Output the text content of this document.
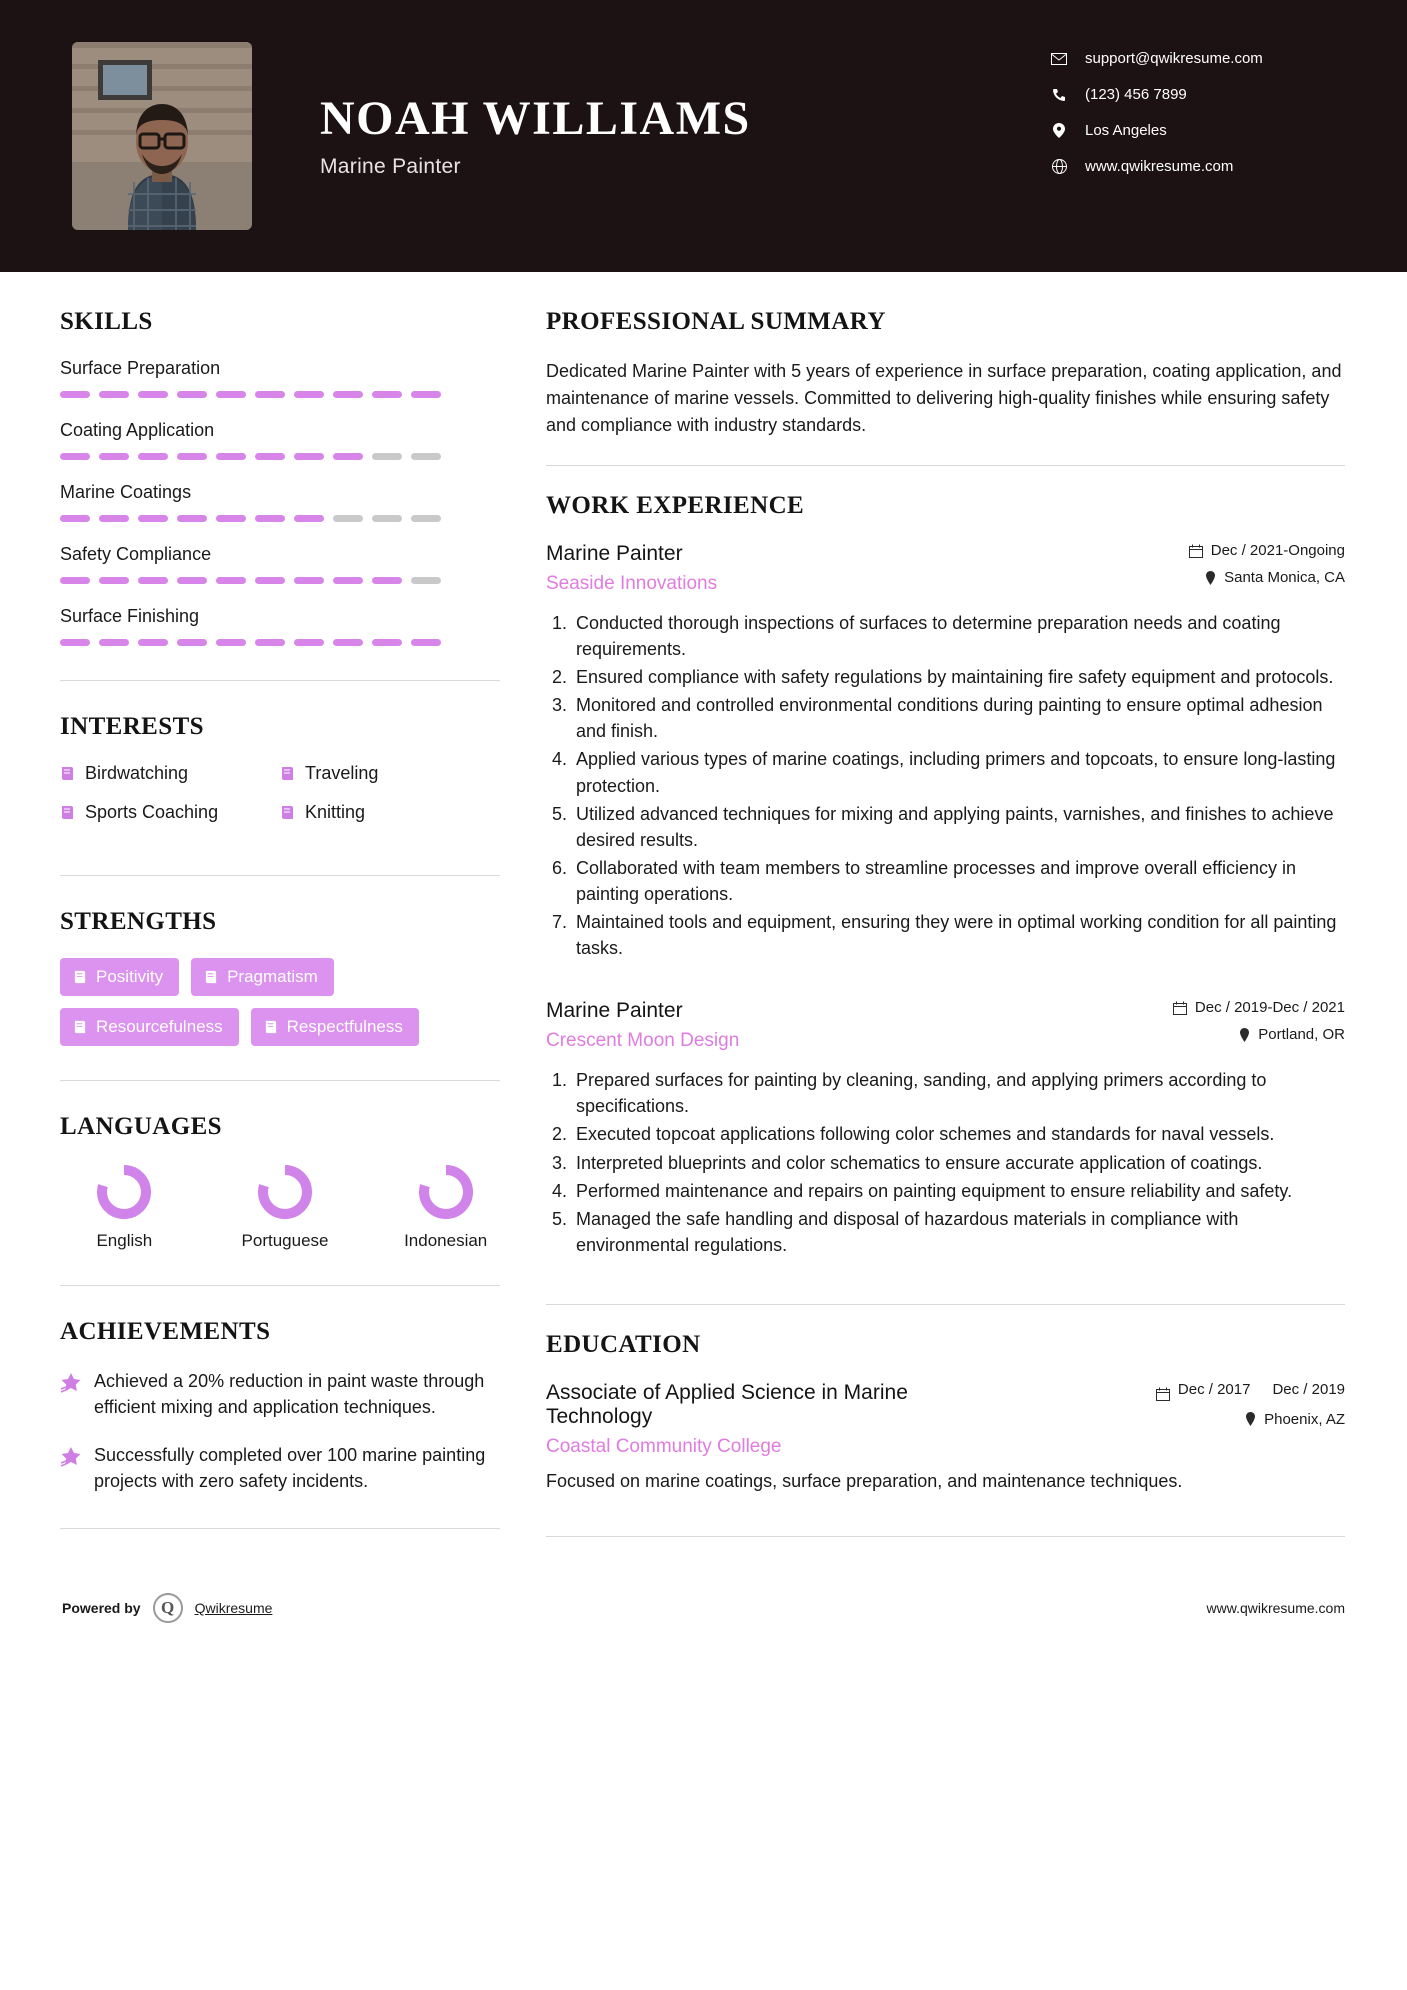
NOAH WILLIAMS
Marine Painter
support@qwikresume.com
(123) 456 7899
Los Angeles
www.qwikresume.com
SKILLS
Surface Preparation
Coating Application
Marine Coatings
Safety Compliance
Surface Finishing
INTERESTS
Birdwatching	Traveling
Sports Coaching	Knitting
STRENGTHS
Positivity	Pragmatism
Resourcefulness	Respectfulness
LANGUAGES
English	Portuguese	Indonesian
ACHIEVEMENTS
Achieved a 20% reduction in paint waste through efficient mixing and application techniques.
Successfully completed over 100 marine painting projects with zero safety incidents.
PROFESSIONAL SUMMARY
Dedicated Marine Painter with 5 years of experience in surface preparation, coating application, and maintenance of marine vessels. Committed to delivering high-quality finishes while ensuring safety and compliance with industry standards.
WORK EXPERIENCE
Marine Painter
Seaside Innovations
Dec / 2021-Ongoing
Santa Monica, CA
1. Conducted thorough inspections of surfaces to determine preparation needs and coating requirements.
2. Ensured compliance with safety regulations by maintaining fire safety equipment and protocols.
3. Monitored and controlled environmental conditions during painting to ensure optimal adhesion and finish.
4. Applied various types of marine coatings, including primers and topcoats, to ensure long-lasting protection.
5. Utilized advanced techniques for mixing and applying paints, varnishes, and finishes to achieve desired results.
6. Collaborated with team members to streamline processes and improve overall efficiency in painting operations.
7. Maintained tools and equipment, ensuring they were in optimal working condition for all painting tasks.
Marine Painter
Crescent Moon Design
Dec / 2019-Dec / 2021
Portland, OR
1. Prepared surfaces for painting by cleaning, sanding, and applying primers according to specifications.
2. Executed topcoat applications following color schemes and standards for naval vessels.
3. Interpreted blueprints and color schematics to ensure accurate application of coatings.
4. Performed maintenance and repairs on painting equipment to ensure reliability and safety.
5. Managed the safe handling and disposal of hazardous materials in compliance with environmental regulations.
EDUCATION
Associate of Applied Science in Marine Technology
Coastal Community College
Dec / 2017 Dec / 2019
Phoenix, AZ
Focused on marine coatings, surface preparation, and maintenance techniques.
Powered by Q Qwikresume	www.qwikresume.com
